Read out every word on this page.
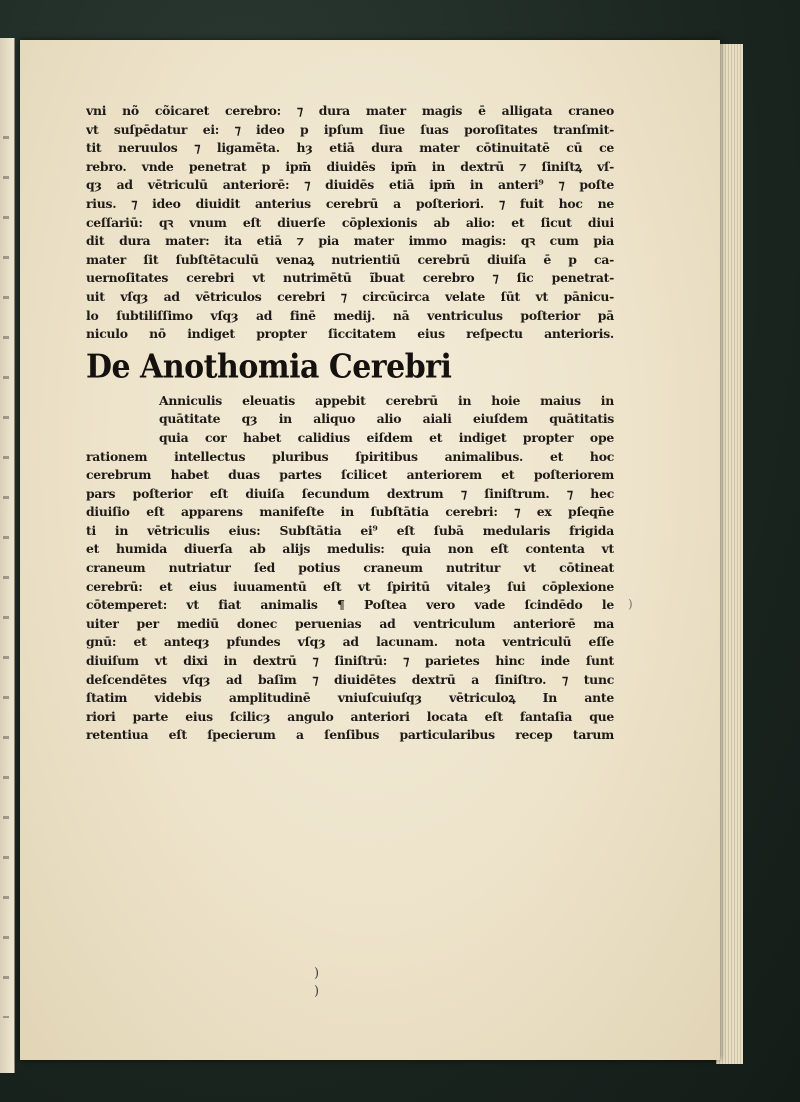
vni nõ cõicaret cerebro: ⁊ dura mater magis ē alligata craneo
vt suſpēdatur ei: ⁊ ideo p ipſum ſiue ſuas poroſitates tranſmit-
tit neruulos ⁊ ligamēta. hȝ etiā dura mater cōtinuitatē cū ce
rebro. vnde penetrat p ipm̄ diuidēs ipm̄ in dextrū ⁊ ſiniſtꝝ vſ-
qȝ ad vētriculū anteriorē: ⁊ diuidēs etiā ipm̄ in anteri⁹ ⁊ poſte
rius. ⁊ ideo diuidit anterius cerebrū a poſteriori. ⁊ fuit hoc ne
ceſſariū: qꝛ vnum eſt diuerſe cōplexionis ab alio: et ſicut diui
dit dura mater: ita etiā ⁊ pia mater immo magis: qꝛ cum pia
mater ſit ſubſtētaculū venaꝝ nutrientiū cerebrū diuiſa ē p ca-
uernoſitates cerebri vt nutrimētū ĩbuat cerebro ⁊ ſic penetrat-
uit vſqȝ ad vētriculos cerebri ⁊ circūcirca velate ſūt vt pānicu-
lo ſubtiliſſimo vſqȝ ad finē medij. nā ventriculus poſterior pā
niculo nō indiget propter ſiccitatem eius reſpectu anterioris.
De Anothomia Cerebri
Anniculis eleuatis appebit cerebrū in hoie maius in
quātitate qȝ in aliquo alio aiali eiuſdem quātitatis
quia cor habet calidius eiſdem et indiget propter ope
rationem intellectus pluribus ſpiritibus animalibus. et hoc
cerebrum habet duas partes ſcilicet anteriorem et poſteriorem
pars poſterior eſt diuiſa ſecundum dextrum ⁊ ſiniſtrum. ⁊ hec
diuiſio eſt apparens manifeſte in ſubſtātia cerebri: ⁊ ex pſeqn̄e
ti in vētriculis eius: Subſtātia ei⁹ eſt ſubā medularis frigida
et humida diuerſa ab alijs medulis: quia non eſt contenta vt
craneum nutriatur ſed potius craneum nutritur vt cōtineat
cerebrū: et eius iuuamentū eſt vt ſpiritū vitaleȝ ſui cōplexione
cōtemperet: vt fiat animalis ¶ Poſtea vero vade ſcindēdo le
uiter per mediū donec peruenias ad ventriculum anteriorē ma
gnū: et anteqȝ pfundes vſqȝ ad lacunam. nota ventriculū eſſe
diuiſum vt dixi in dextrū ⁊ ſiniſtrū: ⁊ parietes hinc inde ſunt
deſcendētes vſqȝ ad baſim ⁊ diuidētes dextrū a ſiniſtro. ⁊ tunc
ſtatim videbis amplitudinē vniuſcuiuſqȝ vētriculoꝝ In ante
riori parte eius ſcilicȝ angulo anteriori locata eſt fantaſia que
retentiua eſt ſpecierum a ſenſibus particularibus recep tarum
)
)
)
